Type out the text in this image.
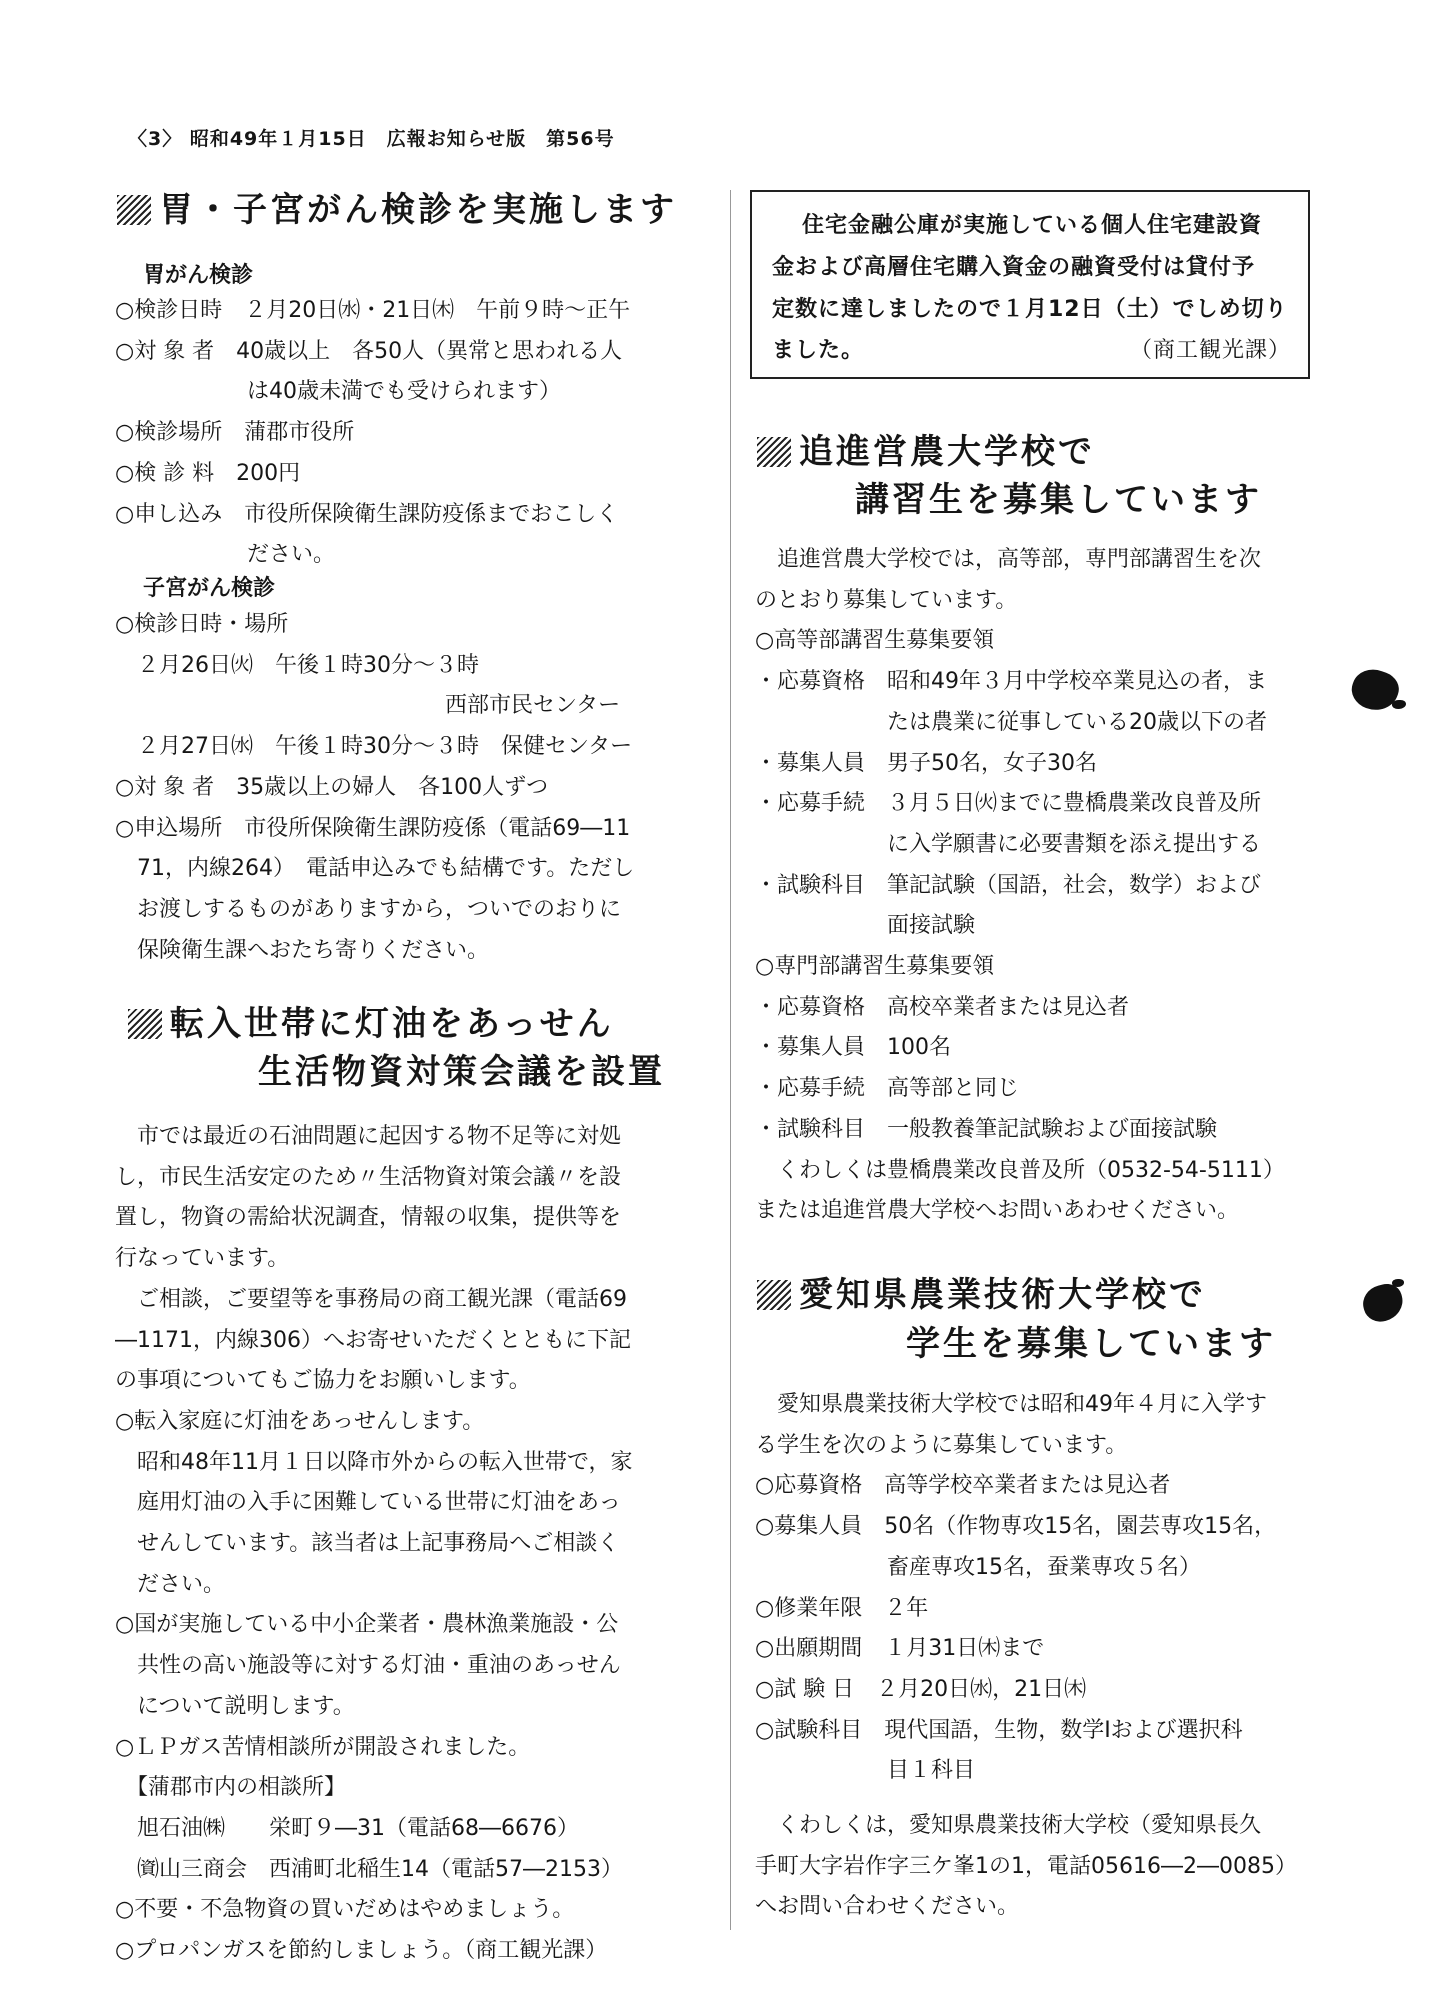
〈3〉 昭和49年１月15日　広報お知らせ版　第56号
胃・子宮がん検診を実施します
胃がん検診
○検診日時　２月20日㈬・21日㈭　午前９時〜正午
○対 象 者　40歳以上　各50人（異常と思われる人
　　　　　　は40歳未満でも受けられます）
○検診場所　蒲郡市役所
○検 診 料　200円
○申し込み　市役所保険衛生課防疫係までおこしく
　　　　　　ださい。
子宮がん検診
○検診日時・場所
　２月26日㈫　午後１時30分〜３時
　　　　　　　　　　　　　　　西部市民センター
　２月27日㈬　午後１時30分〜３時　保健センター
○対 象 者　35歳以上の婦人　各100人ずつ
○申込場所　市役所保険衛生課防疫係（電話69―11
　71，内線264）　電話申込みでも結構です。ただし
　お渡しするものがありますから，ついでのおりに
　保険衛生課へおたち寄りください。
転入世帯に灯油をあっせん
生活物資対策会議を設置
　市では最近の石油問題に起因する物不足等に対処
し，市民生活安定のため〃生活物資対策会議〃を設
置し，物資の需給状況調査，情報の収集，提供等を
行なっています。
　ご相談，ご要望等を事務局の商工観光課（電話69
―1171，内線306）へお寄せいただくとともに下記
の事項についてもご協力をお願いします。
○転入家庭に灯油をあっせんします。
　昭和48年11月１日以降市外からの転入世帯で，家
　庭用灯油の入手に困難している世帯に灯油をあっ
　せんしています。該当者は上記事務局へご相談く
　ださい。
○国が実施している中小企業者・農林漁業施設・公
　共性の高い施設等に対する灯油・重油のあっせん
　について説明します。
○ＬＰガス苦情相談所が開設されました。
　【蒲郡市内の相談所】
　旭石油㈱　　栄町９―31（電話68―6676）
　㈾山三商会　西浦町北稲生14（電話57―2153）
○不要・不急物資の買いだめはやめましょう。
○プロパンガスを節約しましょう。（商工観光課）
住宅金融公庫が実施している個人住宅建設資
金および高層住宅購入資金の融資受付は貸付予
定数に達しましたので１月12日（土）でしめ切り
ました。	（商工観光課）
追進営農大学校で
講習生を募集しています
　追進営農大学校では，高等部，専門部講習生を次
のとおり募集しています。
○高等部講習生募集要領
・応募資格　昭和49年３月中学校卒業見込の者，ま
　　　　　　たは農業に従事している20歳以下の者
・募集人員　男子50名，女子30名
・応募手続　３月５日㈫までに豊橋農業改良普及所
　　　　　　に入学願書に必要書類を添え提出する
・試験科目　筆記試験（国語，社会，数学）および
　　　　　　面接試験
○専門部講習生募集要領
・応募資格　高校卒業者または見込者
・募集人員　100名
・応募手続　高等部と同じ
・試験科目　一般教養筆記試験および面接試験
　くわしくは豊橋農業改良普及所（0532-54-5111）
または追進営農大学校へお問いあわせください。
愛知県農業技術大学校で
学生を募集しています
　愛知県農業技術大学校では昭和49年４月に入学す
る学生を次のように募集しています。
○応募資格　高等学校卒業者または見込者
○募集人員　50名（作物専攻15名，園芸専攻15名，
　　　　　　畜産専攻15名，蚕業専攻５名）
○修業年限　２年
○出願期間　１月31日㈭まで
○試 験 日　２月20日㈬，21日㈭
○試験科目　現代国語，生物，数学Ⅰおよび選択科
　　　　　　目１科目
　くわしくは，愛知県農業技術大学校（愛知県長久
手町大字岩作字三ケ峯1の1，電話05616―2―0085）
へお問い合わせください。
